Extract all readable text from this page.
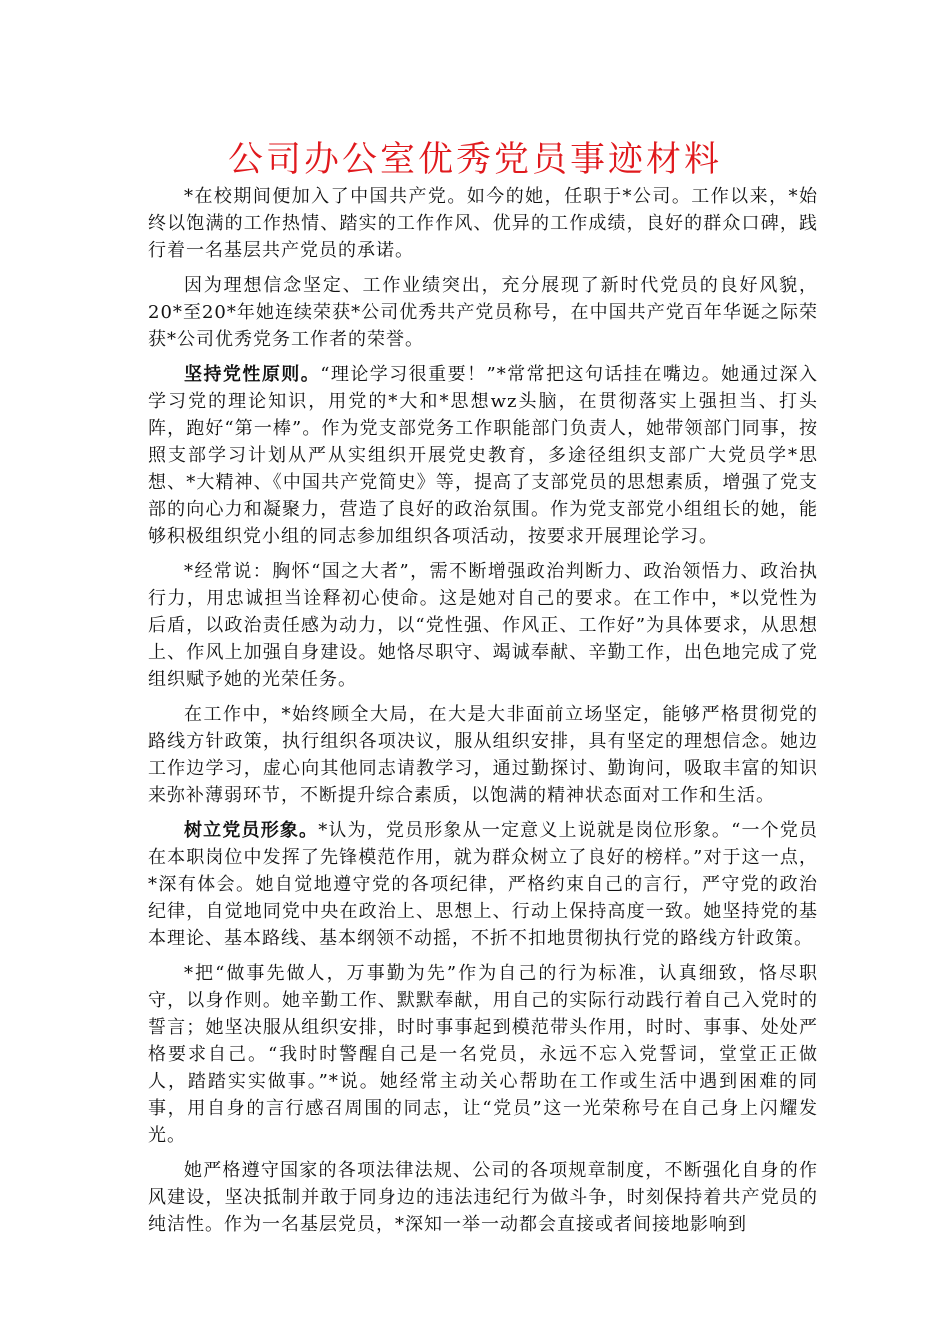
公司办公室优秀党员事迹材料

*在校期间便加入了中国共产党。如今的她，任职于*公司。工作以来，*始终以饱满的工作热情、踏实的工作作风、优异的工作成绩，良好的群众口碑，践行着一名基层共产党员的承诺。

因为理想信念坚定、工作业绩突出，充分展现了新时代党员的良好风貌，20*至20*年她连续荣获*公司优秀共产党员称号，在中国共产党百年华诞之际荣获*公司优秀党务工作者的荣誉。

坚持党性原则。“理论学习很重要！”*常常把这句话挂在嘴边。她通过深入学习党的理论知识，用党的*大和*思想wz头脑，在贯彻落实上强担当、打头阵，跑好“第一棒”。作为党支部党务工作职能部门负责人，她带领部门同事，按照支部学习计划从严从实组织开展党史教育，多途径组织支部广大党员学*思想、*大精神、《中国共产党简史》等，提高了支部党员的思想素质，增强了党支部的向心力和凝聚力，营造了良好的政治氛围。作为党支部党小组组长的她，能够积极组织党小组的同志参加组织各项活动，按要求开展理论学习。

*经常说：胸怀“国之大者”，需不断增强政治判断力、政治领悟力、政治执行力，用忠诚担当诠释初心使命。这是她对自己的要求。在工作中，*以党性为后盾，以政治责任感为动力，以“党性强、作风正、工作好”为具体要求，从思想上、作风上加强自身建设。她恪尽职守、竭诚奉献、辛勤工作，出色地完成了党组织赋予她的光荣任务。

在工作中，*始终顾全大局，在大是大非面前立场坚定，能够严格贯彻党的路线方针政策，执行组织各项决议，服从组织安排，具有坚定的理想信念。她边工作边学习，虚心向其他同志请教学习，通过勤探讨、勤询问，吸取丰富的知识来弥补薄弱环节，不断提升综合素质，以饱满的精神状态面对工作和生活。

树立党员形象。*认为，党员形象从一定意义上说就是岗位形象。“一个党员在本职岗位中发挥了先锋模范作用，就为群众树立了良好的榜样。”对于这一点，*深有体会。她自觉地遵守党的各项纪律，严格约束自己的言行，严守党的政治纪律，自觉地同党中央在政治上、思想上、行动上保持高度一致。她坚持党的基本理论、基本路线、基本纲领不动摇，不折不扣地贯彻执行党的路线方针政策。

*把“做事先做人，万事勤为先”作为自己的行为标准，认真细致，恪尽职守，以身作则。她辛勤工作、默默奉献，用自己的实际行动践行着自己入党时的誓言；她坚决服从组织安排，时时事事起到模范带头作用，时时、事事、处处严格要求自己。“我时时警醒自己是一名党员，永远不忘入党誓词，堂堂正正做人，踏踏实实做事。”*说。她经常主动关心帮助在工作或生活中遇到困难的同事，用自身的言行感召周围的同志，让“党员”这一光荣称号在自己身上闪耀发光。

她严格遵守国家的各项法律法规、公司的各项规章制度，不断强化自身的作风建设，坚决抵制并敢于同身边的违法违纪行为做斗争，时刻保持着共产党员的纯洁性。作为一名基层党员，*深知一举一动都会直接或者间接地影响到
